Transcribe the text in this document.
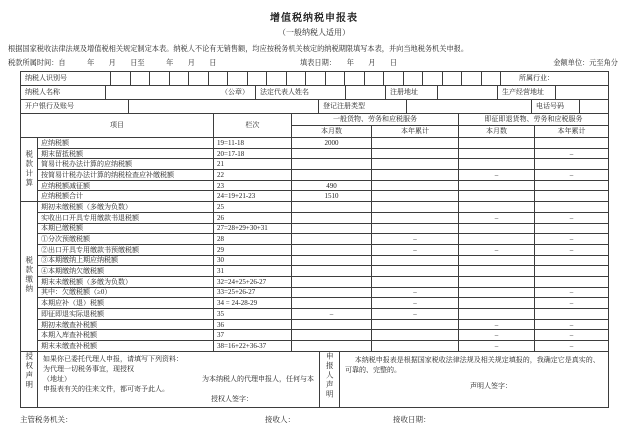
增值税纳税申报表
（一般纳税人适用）
根据国家税收法律法规及增值税相关规定制定本表。纳税人不论有无销售额，均应按税务机关核定的纳税期限填写本表，并向当地税务机关申报。
税款所属时间：自　　　年　　月　　日至　　　年　　月　　日	填表日期：　　年　　月　　日	金额单位：元至角分
纳税人识别号		所属行业：
纳税人名称	（公章）	法定代表人姓名		注册地址		生产经营地址	
开户银行及账号		登记注册类型		电话号码	
项目		栏次	一般货物、劳务和应税服务		即征即退货物、劳务和应税服务	
			本月数	本年累计	本月数	本年累计
税款计算	应纳税额	19=11-18	2000			
	期末留抵税额	20=17-18				–
	简易计税办法计算的应纳税额	21				
	按简易计税办法计算的纳税检查应补缴税额	22			–	–
	应纳税额减征额	23	490			
	应纳税额合计	24=19+21-23	1510			
税款缴纳	期初未缴税额（多缴为负数）	25				
	实收出口开具专用缴款书退税额	26			–	–
	本期已缴税额	27=28+29+30+31				
	①分次预缴税额	28		–		–
	②出口开具专用缴款书预缴税额	29		–	–	–
	③本期缴纳上期应纳税额	30				
	④本期缴纳欠缴税额	31				
	期末未缴税额（多缴为负数）	32=24+25+26-27				
	其中：欠缴税额（≥0）	33=25+26-27		–		–
	本期应补（退）税额	34 = 24-28-29		–		–
	即征即退实际退税额	35	–	–		
	期初未缴查补税额	36			–	–
	本期入库查补税额	37			–	–
	期末未缴查补税额	38=16+22+36-37			–	–
授权声明	如果你已委托代理人申报，请填写下列资料：
为代理一切税务事宜，现授权
（地址）	为本纳税人的代理申报人，任何与本
申报表有关的往来文件，都可寄予此人。
授权人签字：	申报人声明	本纳税申报表是根据国家税收法律法规及相关规定填报的，我确定它是真实的、可靠的、完整的。
声明人签字：
主管税务机关：	接收人：	接收日期：
